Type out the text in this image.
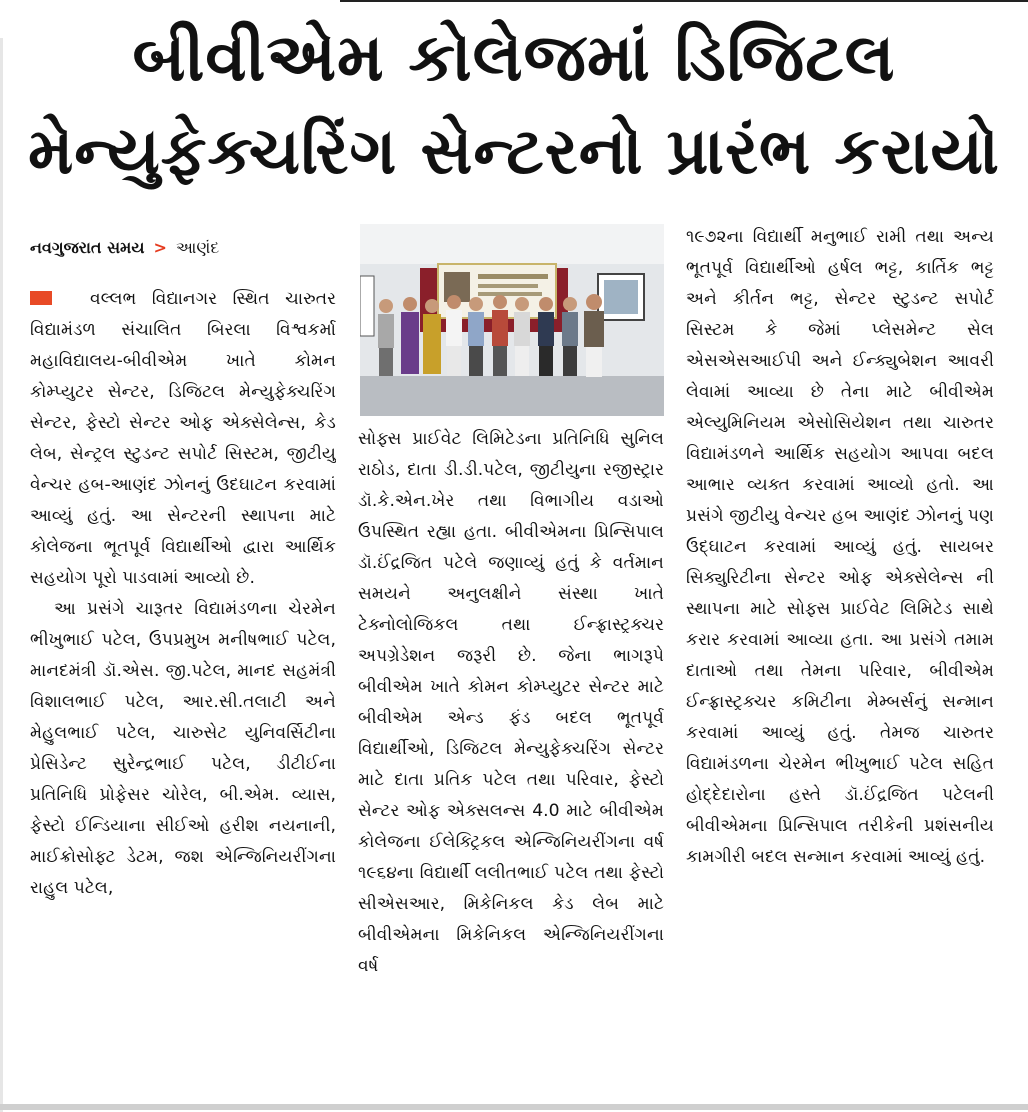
બીવીએમ કોલેજમાં ડિજિટલ
મેન્યુફેક્ચરિંગ સેન્ટરનો પ્રારંભ કરાયો
નવગુજરાત સમય > આણંદ

વલ્લભ વિદ્યાનગર સ્થિત ચારુતર વિદ્યામંડળ સંચાલિત બિરલા વિશ્વકર્મા મહાવિદ્યાલય-બીવીએમ ખાતે કોમન કોમ્પ્યુટર સેન્ટર, ડિજિટલ મેન્યુફેક્ચરિંગ સેન્ટર, ફેસ્ટો સેન્ટર ઓફ એક્સેલેન્સ, કેડ લેબ, સેન્ટ્રલ સ્ટુડન્ટ સપોર્ટ સિસ્ટમ, જીટીયુ વેન્ચર હબ-આણંદ ઝોનનું ઉદઘાટન કરવામાં આવ્યું હતું. આ સેન્ટરની સ્થાપના માટે કોલેજના ભૂતપૂર્વ વિદ્યાર્થીઓ દ્વારા આર્થિક સહયોગ પૂરો પાડવામાં આવ્યો છે.

આ પ્રસંગે ચારૂતર વિદ્યામંડળના ચેરમેન ભીખુભાઈ પટેલ, ઉપપ્રમુખ મનીષભાઈ પટેલ, માનદમંત્રી ડૉ.એસ. જી.પટેલ, માનદ સહમંત્રી વિશાલભાઈ પટેલ, આર.સી.તલાટી અને મેહુલભાઈ પટેલ, ચારુસેટ યુનિવર્સિટીના પ્રેસિડેન્ટ સુરેન્દ્રભાઈ પટેલ, ડીટીઈના પ્રતિનિધિ પ્રોફેસર ચોરેલ, બી.એમ. વ્યાસ, ફેસ્ટો ઈન્ડિયાના સીઈઓ હરીશ નયનાની, માઈક્રોસોફ્ટ ડેટમ, જશ એન્જિનિયરીંગના રાહુલ પટેલ,

સોફ્સ પ્રાઈવેટ લિમિટેડના પ્રતિનિધિ સુનિલ રાઠોડ, દાતા ડી.ડી.પટેલ, જીટીયુના રજીસ્ટ્રાર ડૉ.કે.એન.ખેર તથા વિભાગીય વડાઓ ઉપસ્થિત રહ્યા હતા. બીવીએમના પ્રિન્સિપાલ ડૉ.ઈંદ્રજિત પટેલે જણાવ્યું હતું કે વર્તમાન સમયને અનુલક્ષીને સંસ્થા ખાતે ટેક્નોલોજિકલ તથા ઈન્ફ્રાસ્ટ્રક્ચર અપગ્રેડેશન જરૂરી છે. જેના ભાગરૂપે બીવીએમ ખાતે કોમન કોમ્પ્યુટર સેન્ટર માટે બીવીએમ એન્ડ ફંડ બદલ ભૂતપૂર્વ વિદ્યાર્થીઓ, ડિજિટલ મેન્યુફેક્ચરિંગ સેન્ટર માટે દાતા પ્રતિક પટેલ તથા પરિવાર, ફેસ્ટો સેન્ટર ઓફ એક્સલન્સ 4.0 માટે બીવીએમ કોલેજના ઈલેક્ટ્રિકલ એન્જિનિયરીંગના વર્ષ ૧૯૬૪ના વિદ્યાર્થી લલીતભાઈ પટેલ તથા ફેસ્ટો સીએસઆર, મિકેનિકલ કેડ લેબ માટે બીવીએમના મિકેનિકલ એન્જિનિયરીંગના વર્ષ

૧૯૭૨ના વિદ્યાર્થી મનુભાઈ રામી તથા અન્ય ભૂતપૂર્વ વિદ્યાર્થીઓ હર્ષલ ભટ્ટ, કાર્તિક ભટ્ટ અને કીર્તન ભટ્ટ, સેન્ટર સ્ટુડન્ટ સપોર્ટ સિસ્ટમ કે જેમાં પ્લેસમેન્ટ સેલ એસએસઆઈપી અને ઈન્ક્યુબેશન આવરી લેવામાં આવ્યા છે તેના માટે બીવીએમ એલ્યુમિનિયમ એસોસિયેશન તથા ચારુતર વિદ્યામંડળને આર્થિક સહયોગ આપવા બદલ આભાર વ્યક્ત કરવામાં આવ્યો હતો. આ પ્રસંગે જીટીયુ વેન્ચર હબ આણંદ ઝોનનું પણ ઉદ્ઘાટન કરવામાં આવ્યું હતું. સાયબર સિક્યુરિટીના સેન્ટર ઓફ એક્સેલેન્સ ની સ્થાપના માટે સોફ્સ પ્રાઈવેટ લિમિટેડ સાથે કરાર કરવામાં આવ્યા હતા. આ પ્રસંગે તમામ દાતાઓ તથા તેમના પરિવાર, બીવીએમ ઈન્ફ્રાસ્ટ્રક્ચર કમિટીના મેમ્બર્સનું સન્માન કરવામાં આવ્યું હતું. તેમજ ચારુતર વિદ્યામંડળના ચેરમેન ભીખુભાઈ પટેલ સહિત હોદ્દેદારોના હસ્તે ડૉ.ઈંદ્રજિત પટેલની બીવીએમના પ્રિન્સિપાલ તરીકેની પ્રશંસનીય કામગીરી બદલ સન્માન કરવામાં આવ્યું હતું.
